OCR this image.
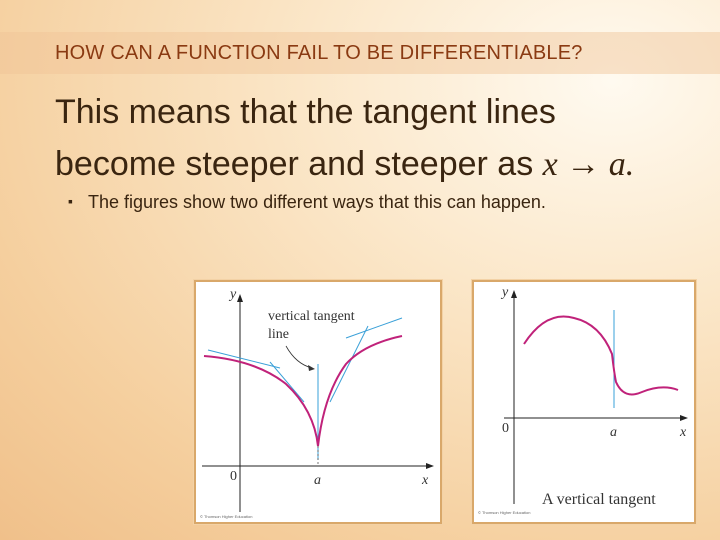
HOW CAN A FUNCTION FAIL TO BE DIFFERENTIABLE?
This means that the tangent lines
become steeper and steeper as x → a.
▪ The figures show two different ways that this can happen.
y
x
0	a
vertical tangent
line
© Thomson Higher Education
y
x
0	a
A vertical tangent
© Thomson Higher Education
